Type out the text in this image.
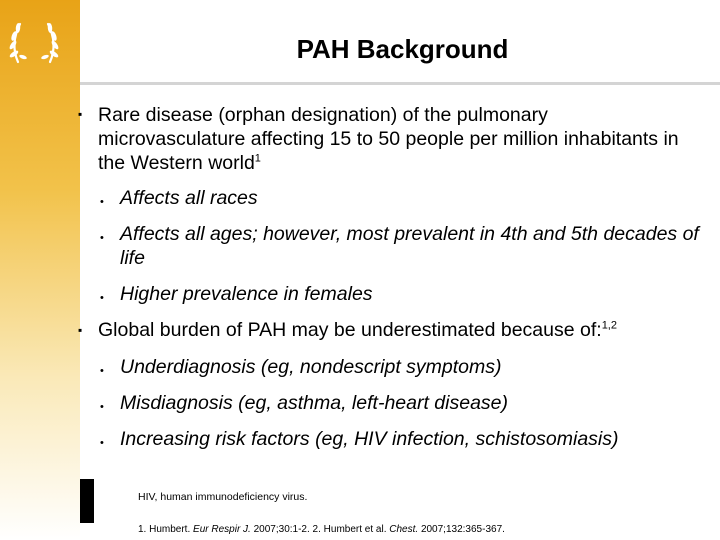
PAH Background
▪ Rare disease (orphan designation) of the pulmonary microvasculature affecting 15 to 50 people per million inhabitants in the Western world$^1$
• Affects all races
• Affects all ages; however, most prevalent in 4th and 5th decades of life
• Higher prevalence in females
▪ Global burden of PAH may be underestimated because of:$^{1,2}$
• Underdiagnosis (eg, nondescript symptoms)
• Misdiagnosis (eg, asthma, left-heart disease)
• Increasing risk factors (eg, HIV infection, schistosomiasis)
HIV, human immunodeficiency virus.
1. Humbert. Eur Respir J. 2007;30:1-2. 2. Humbert et al. Chest. 2007;132:365-367.
